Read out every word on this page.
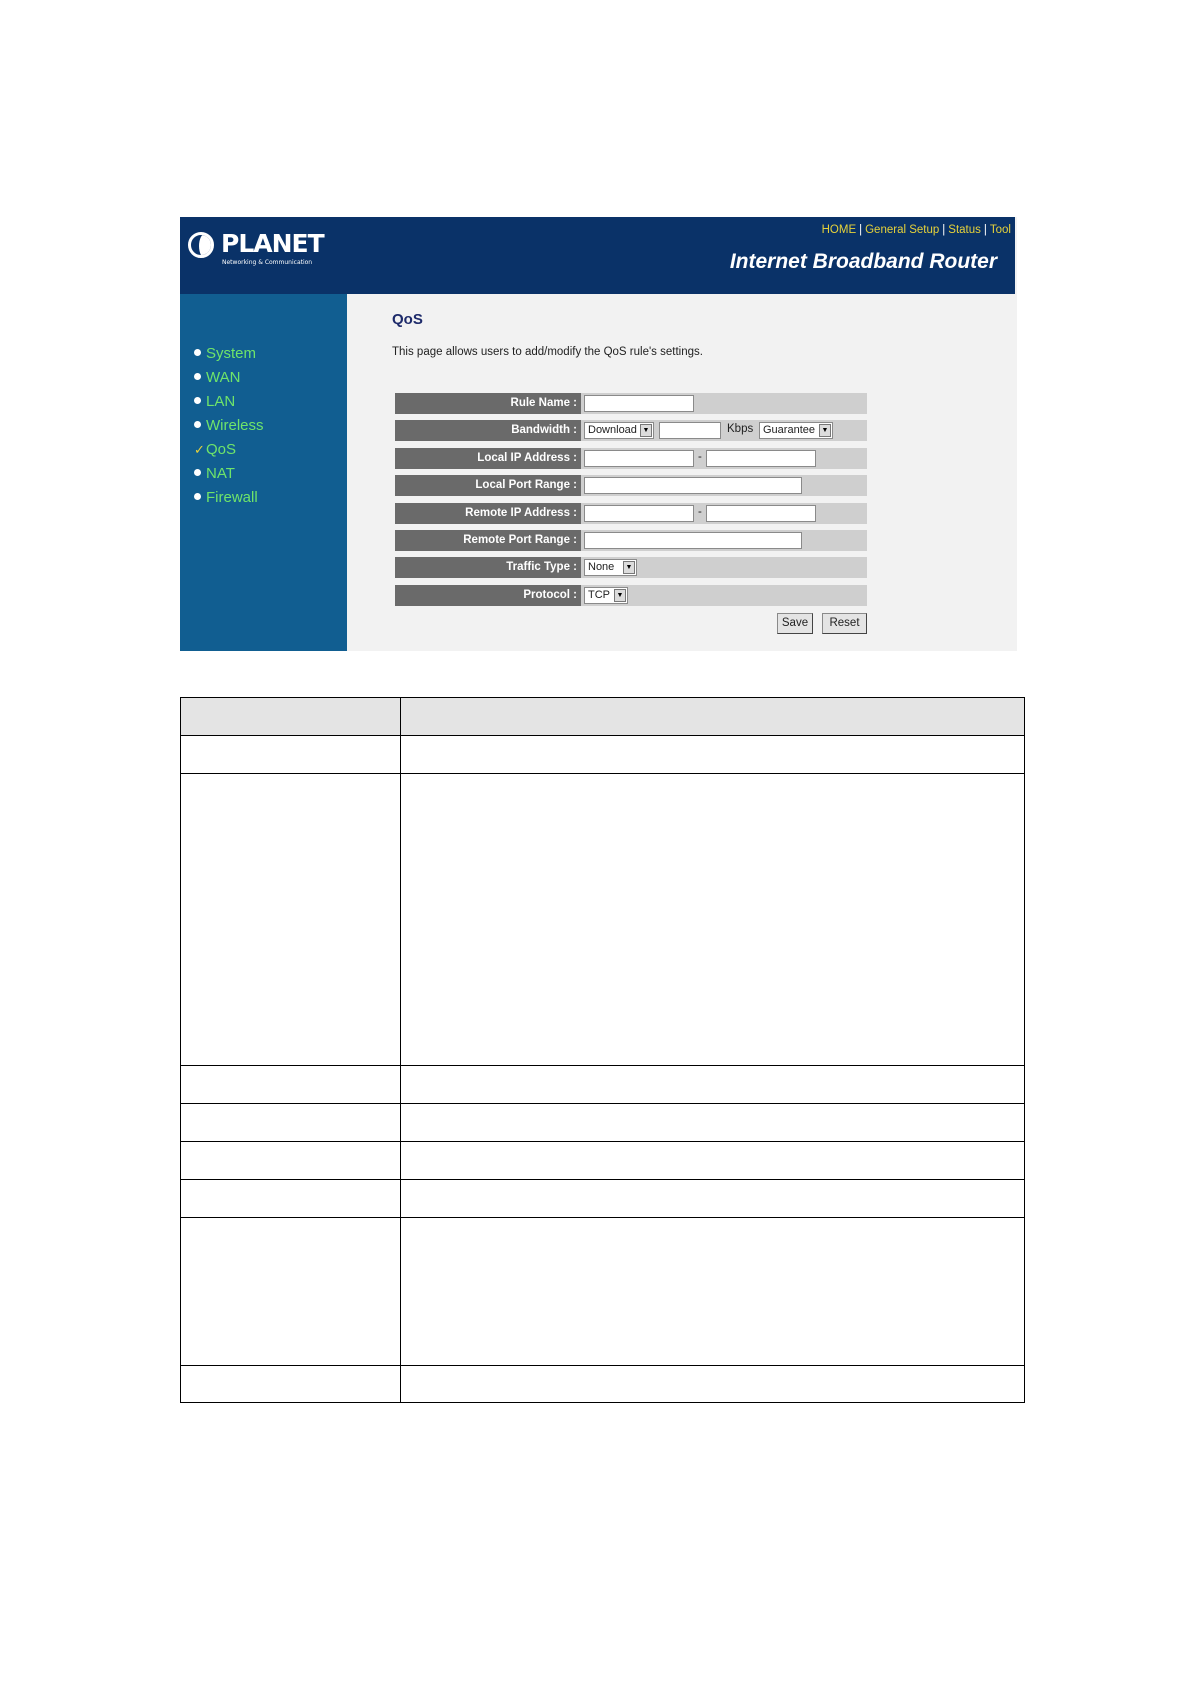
PLANET
Networking & Communication
HOME | General Setup | Status | Tool
Internet Broadband Router
System
WAN
LAN
Wireless
✓QoS
NAT
Firewall
QoS
This page allows users to add/modify the QoS rule's settings.
Rule Name :
Bandwidth :	Download ▼	Kbps Guarantee ▼
Local IP Address :	-
Local Port Range :
Remote IP Address :	-
Remote Port Range :
Traffic Type :	None	▼
Protocol :	TCP ▼
Save	Reset
